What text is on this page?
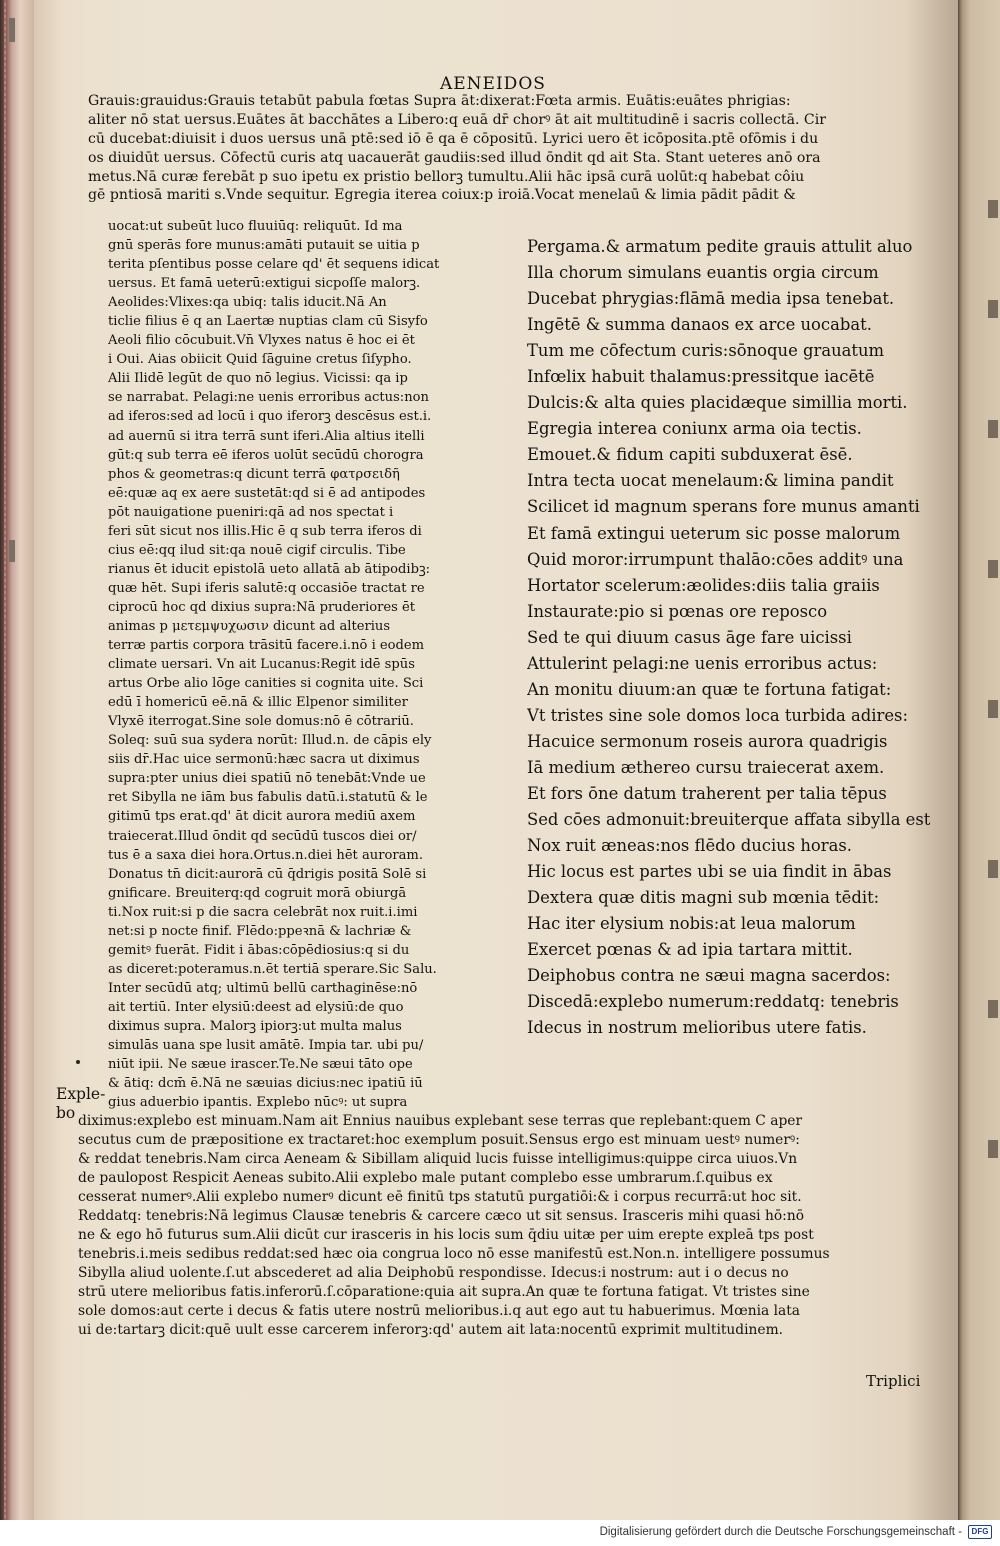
AENEIDOS
Grauis:grauidus:Grauis tetabūt pabula fœtas Supra āt:dixerat:Fœta armis. Euātis:euātes phrigias:
aliter nō stat uersus.Euātes āt bacchātes a Libero:q euā dr̄ chorꝰ āt ait multitudinē i sacris collectā. Cir
cū ducebat:diuisit i duos uersus unā ptē:sed iō ē qa ē cōpositū. Lyrici uero ēt icōposita.ptē ofōmis i du
os diuidūt uersus. Cōfectū curis atq uacauerāt gaudiis:sed illud ōndit qd ait Sta. Stant ueteres anō ora
metus.Nā curæ ferebāt p suo ipetu ex pristio bellorꝫ tumultu.Alii hāc ipsā curā uolūt:q habebat côiu
gē pntiosā mariti s.Vnde sequitur. Egregia iterea coiux:p iroiā.Vocat menelaū & limia pādit pādit &
uocat:ut subeūt luco fluuiūq: reliquūt. Id ma
gnū sperās fore munus:amāti putauit se uitia p
terita pſentibus posse celare qd' ēt sequens idicat
uersus. Et famā ueterū:extigui sicpoſſe malorꝫ.
Aeolides:Vlixes:qa ubiq: talis iducit.Nā An
ticlie filius ē q an Laertæ nuptias clam cū Sisyfo
Aeoli filio cōcubuit.Vn̄ Vlyxes natus ē hoc ei ēt
i Oui. Aias obiicit Quid ſāguine cretus ſiſypho.
Alii Ilidē legūt de quo nō legius. Vicissi: qa ip
se narrabat. Pelagi:ne uenis erroribus actus:non
ad iferos:sed ad locū i quo iferorꝫ descēsus est.i.
ad auernū si itra terrā sunt iferi.Alia altius itelli
gūt:q sub terra eē iferos uolūt secūdū chorogra
phos & geometras:q dicunt terrā φατρσειδῆ
eē:quæ aq ex aere sustetāt:qd si ē ad antipodes
pōt nauigatione pueniri:qā ad nos spectat i
feri sūt sicut nos illis.Hic ē q sub terra iferos di
cius eē:qq ilud sit:qa nouē cigif circulis. Tibe
rianus ēt iducit epistolā ueto allatā ab ātipodibꝫ:
quæ hēt. Supi iferis salutē:q occasiōe tractat re
ciprocū hoc qd dixius supra:Nā pruderiores ēt
animas p μετεμψυχωσιν dicunt ad alterius
terræ partis corpora trāsitū facere.i.nō i eodem
climate uersari. Vn ait Lucanus:Regit idē spūs
artus Orbe alio lōge canities si cognita uite. Sci
edū ī homericū eē.nā & illic Elpenor similiter
Vlyxē iterrogat.Sine sole domus:nō ē cōtrariū.
Soleq: suū sua sydera norūt: Illud.n. de cāpis ely
siis dr̄.Hac uice sermonū:hæc sacra ut diximus
supra:pter unius diei spatiū nō tenebāt:Vnde ue
ret Sibylla ne iām bus fabulis datū.i.statutū & le
gitimū tps erat.qd' āt dicit aurora mediū axem
traiecerat.Illud ōndit qd secūdū tuscos diei or/
tus ē a saxa diei hora.Ortus.n.diei hēt auroram.
Donatus tn̄ dicit:aurorā cū q̄drigis positā Solē si
gnificare. Breuiterq:qd cogruit morā obiurgā
ti.Nox ruit:si p die sacra celebrāt nox ruit.i.imi
net:si p nocte finif. Flēdo:ppeꝛnā & lachriæ &
gemitꝰ fuerāt. Fidit i ābas:cōpēdiosius:q si du
as diceret:poteramus.n.ēt tertiā sperare.Sic Salu.
Inter secūdū atq; ultimū bellū carthaginēse:nō
ait tertiū. Inter elysiū:deest ad elysiū:de quo
diximus supra. Malorꝫ ipiorꝫ:ut multa malus
simulās uana spe lusit amātē. Impia tar. ubi pu/
niūt ipii. Ne sæue irascer.Te.Ne sæui tāto ope
& ātiq: dcm̄ ē.Nā ne sæuias dicius:nec ipatiū iū
gius aduerbio ipantis. Explebo nūcꝰ: ut supra
Pergama.& armatum pedite grauis attulit aluo
Illa chorum simulans euantis orgia circum
Ducebat phrygias:flāmā media ipsa tenebat.
Ingētē & summa danaos ex arce uocabat.
Tum me cōfectum curis:sōnoque grauatum
Infœlix habuit thalamus:pressitque iacētē
Dulcis:& alta quies placidæque simillia morti.
Egregia interea coniunx arma oia tectis.
Emouet.& fidum capiti subduxerat ēsē.
Intra tecta uocat menelaum:& limina pandit
Scilicet id magnum sperans fore munus amanti
Et famā extingui ueterum sic posse malorum
Quid moror:irrumpunt thalāo:cōes additꝰ una
Hortator scelerum:æolides:diis talia graiis
Instaurate:pio si pœnas ore reposco
Sed te qui diuum casus āge fare uicissi
Attulerint pelagi:ne uenis erroribus actus:
An monitu diuum:an quæ te fortuna fatigat:
Vt tristes sine sole domos loca turbida adires:
Hacuice sermonum roseis aurora quadrigis
Iā medium æthereo cursu traiecerat axem.
Et fors ōne datum traherent per talia tēpus
Sed cōes admonuit:breuiterque affata sibylla est
Nox ruit æneas:nos flēdo ducius horas.
Hic locus est partes ubi se uia findit in ābas
Dextera quæ ditis magni sub mœnia tēdit:
Hac iter elysium nobis:at leua malorum
Exercet pœnas & ad ipia tartara mittit.
Deiphobus contra ne sæui magna sacerdos:
Discedā:explebo numerum:reddatq: tenebris
Idecus in nostrum melioribus utere fatis.
Exple-
bo diximus:explebo est minuam.Nam ait Ennius nauibus explebant sese terras que replebant:quem C aper
secutus cum de præpositione ex tractaret:hoc exemplum posuit.Sensus ergo est minuam uestꝰ numerꝰ:
& reddat tenebris.Nam circa Aeneam & Sibillam aliquid lucis fuisse intelligimus:quippe circa uiuos.Vn
de paulopost Respicit Aeneas subito.Alii explebo male putant complebo esse umbrarum.ſ.quibus ex
cesserat numerꝰ.Alii explebo numerꝰ dicunt eē finitū tps statutū purgatiōi:& i corpus recurrā:ut hoc sit.
Reddatq: tenebris:Nā legimus Clausæ tenebris & carcere cæco ut sit sensus. Irasceris mihi quasi hō:nō
ne & ego hō futurus sum.Alii dicūt cur irasceris in his locis sum q̄diu uitæ per uim erepte expleā tps post
tenebris.i.meis sedibus reddat:sed hæc oia congrua loco nō esse manifestū est.Non.n. intelligere possumus
Sibylla aliud uolente.ſ.ut abscederet ad alia Deiphobū respondisse. Idecus:i nostrum: aut i o decus no
strū utere melioribus fatis.inferorū.ſ.cōparatione:quia ait supra.An quæ te fortuna fatigat. Vt tristes sine
sole domos:aut certe i decus & fatis utere nostrū melioribus.i.q aut ego aut tu habuerimus. Mœnia lata
ui de:tartarꝫ dicit:quē uult esse carcerem inferorꝫ:qd' autem ait lata:nocentū exprimit multitudinem.
Triplici
Digitalisierung gefördert durch die Deutsche Forschungsgemeinschaft -	DFG
